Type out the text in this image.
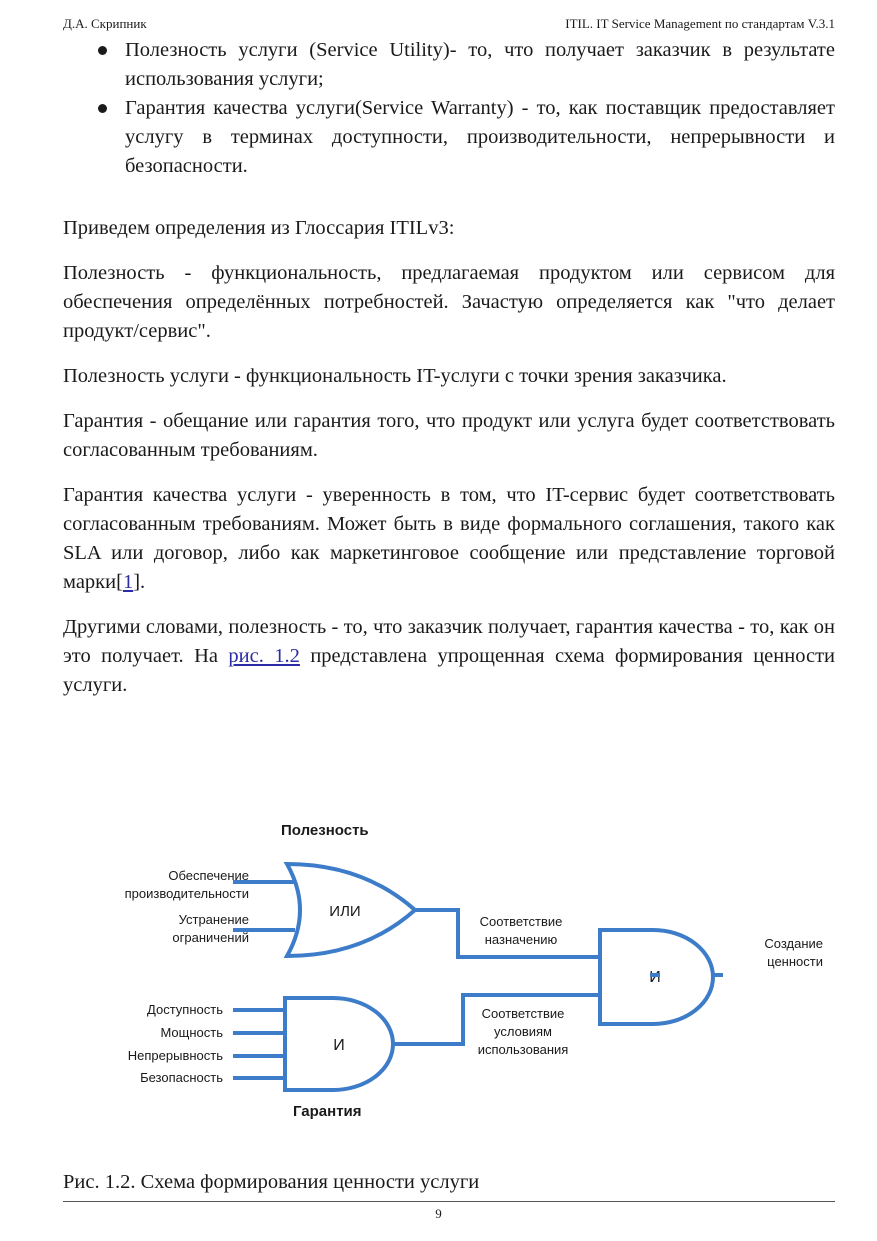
Д.А. Скрипник	ITIL. IT Service Management по стандартам V.3.1
Полезность услуги (Service Utility)- то, что получает заказчик в результате использования услуги;
Гарантия качества услуги(Service Warranty) - то, как поставщик предоставляет услугу в терминах доступности, производительности, непрерывности и безопасности.

Приведем определения из Глоссария ITILv3:

Полезность - функциональность, предлагаемая продуктом или сервисом для обеспечения определённых потребностей. Зачастую определяется как "что делает продукт/сервис".

Полезность услуги - функциональность IT-услуги с точки зрения заказчика.

Гарантия - обещание или гарантия того, что продукт или услуга будет соответствовать согласованным требованиям.

Гарантия качества услуги - уверенность в том, что IT-сервис будет соответствовать согласованным требованиям. Может быть в виде формального соглашения, такого как SLA или договор, либо как маркетинговое сообщение или представление торговой марки[1].

Другими словами, полезность - то, что заказчик получает, гарантия качества - то, как он это получает. На рис. 1.2 представлена упрощенная схема формирования ценности услуги.

Полезность
Гарантия
Обеспечение
производительности
Устранение
ограничений
Доступность
Мощность
Непрерывность
Безопасность
ИЛИ
И
И
Соответствие
назначению
Соответствие
условиям
использования
Создание
ценности
Рис. 1.2. Схема формирования ценности услуги
9
